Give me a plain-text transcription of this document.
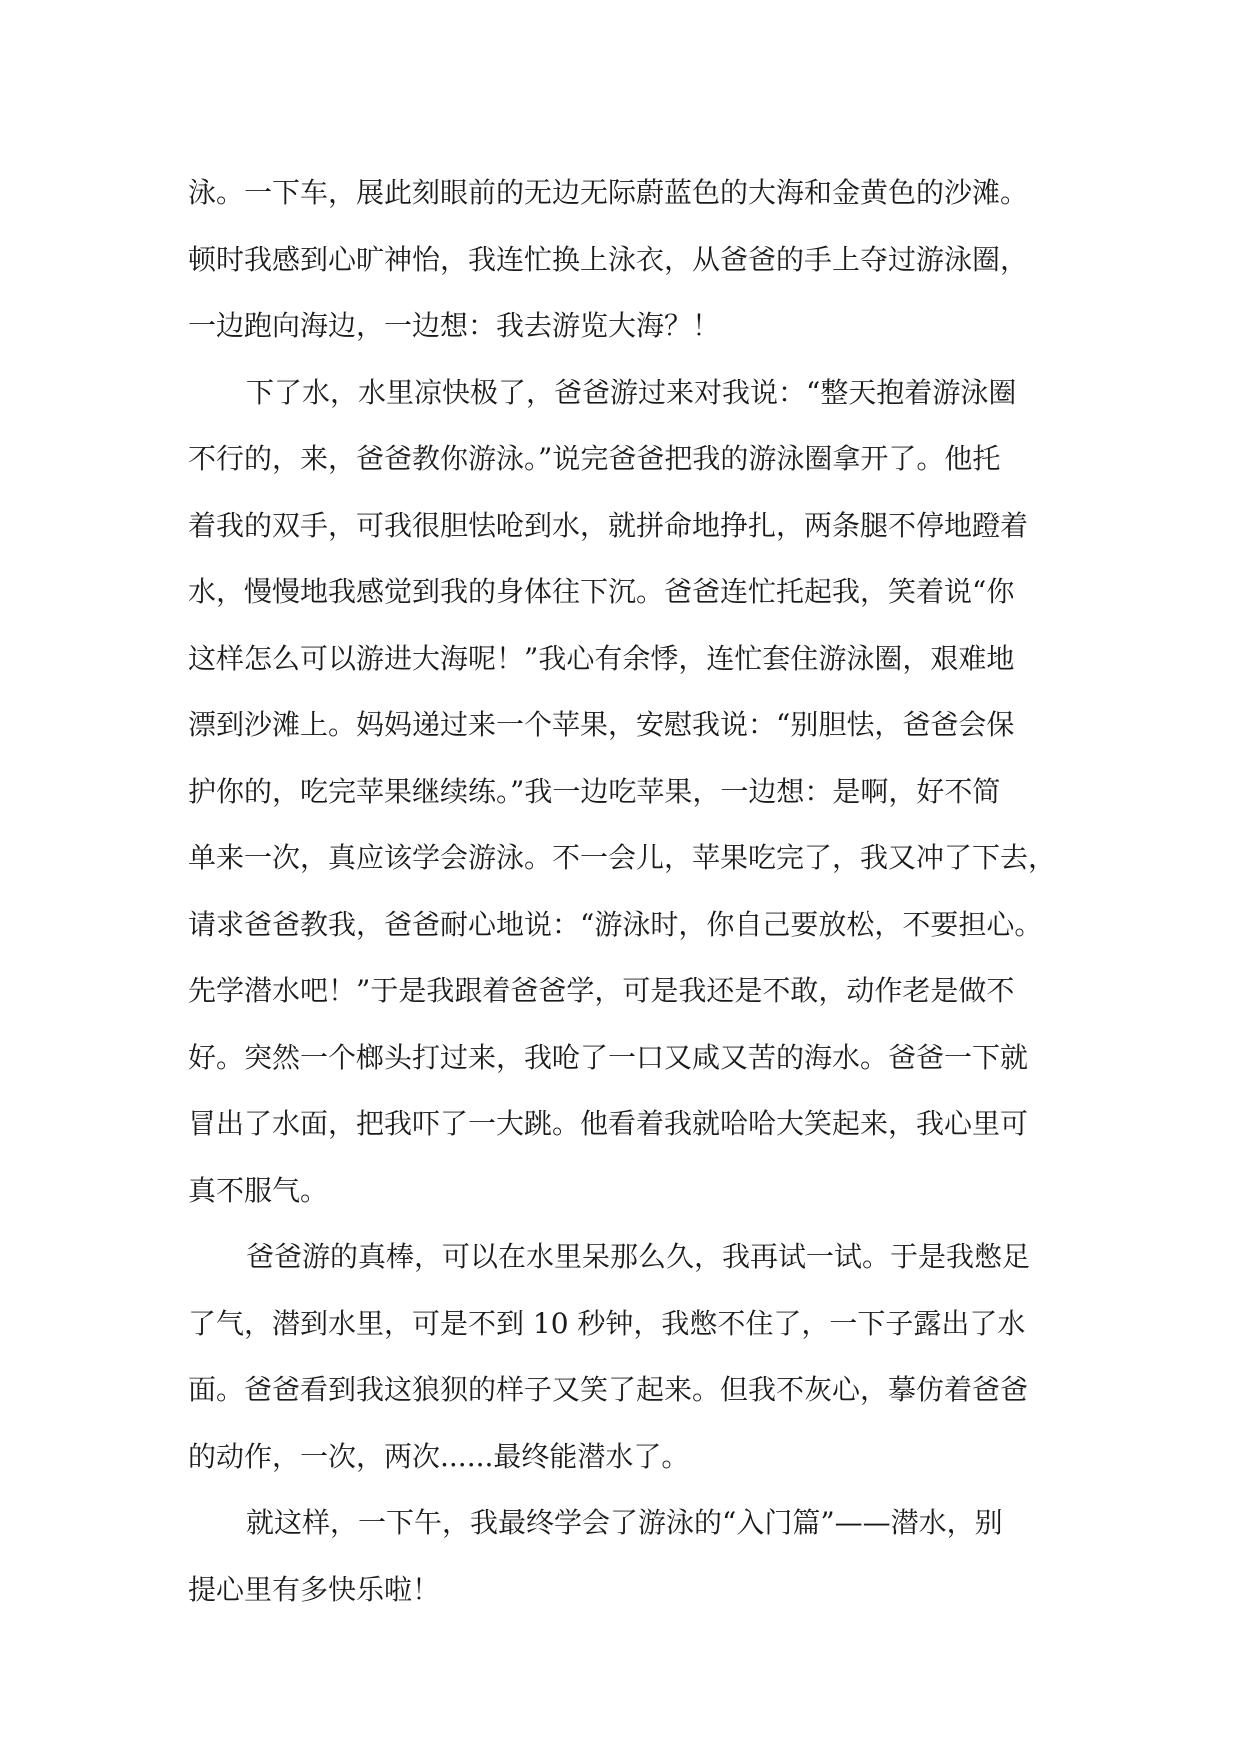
泳。一下车，展此刻眼前的无边无际蔚蓝色的大海和金黄色的沙滩。
顿时我感到心旷神怡，我连忙换上泳衣，从爸爸的手上夺过游泳圈，
一边跑向海边，一边想：我去游览大海？！
下了水，水里凉快极了，爸爸游过来对我说：“整天抱着游泳圈
不行的，来，爸爸教你游泳。”说完爸爸把我的游泳圈拿开了。他托
着我的双手，可我很胆怯呛到水，就拼命地挣扎，两条腿不停地蹬着
水，慢慢地我感觉到我的身体往下沉。爸爸连忙托起我，笑着说“你
这样怎么可以游进大海呢！”我心有余悸，连忙套住游泳圈，艰难地
漂到沙滩上。妈妈递过来一个苹果，安慰我说：“别胆怯，爸爸会保
护你的，吃完苹果继续练。”我一边吃苹果，一边想：是啊，好不简
单来一次，真应该学会游泳。不一会儿，苹果吃完了，我又冲了下去，
请求爸爸教我，爸爸耐心地说：“游泳时，你自己要放松，不要担心。
先学潜水吧！”于是我跟着爸爸学，可是我还是不敢，动作老是做不
好。突然一个榔头打过来，我呛了一口又咸又苦的海水。爸爸一下就
冒出了水面，把我吓了一大跳。他看着我就哈哈大笑起来，我心里可
真不服气。
爸爸游的真棒，可以在水里呆那么久，我再试一试。于是我憋足
了气，潜到水里，可是不到 10 秒钟，我憋不住了，一下子露出了水
面。爸爸看到我这狼狈的样子又笑了起来。但我不灰心，摹仿着爸爸
的动作，一次，两次......最终能潜水了。
就这样，一下午，我最终学会了游泳的“入门篇”——潜水，别
提心里有多快乐啦！
